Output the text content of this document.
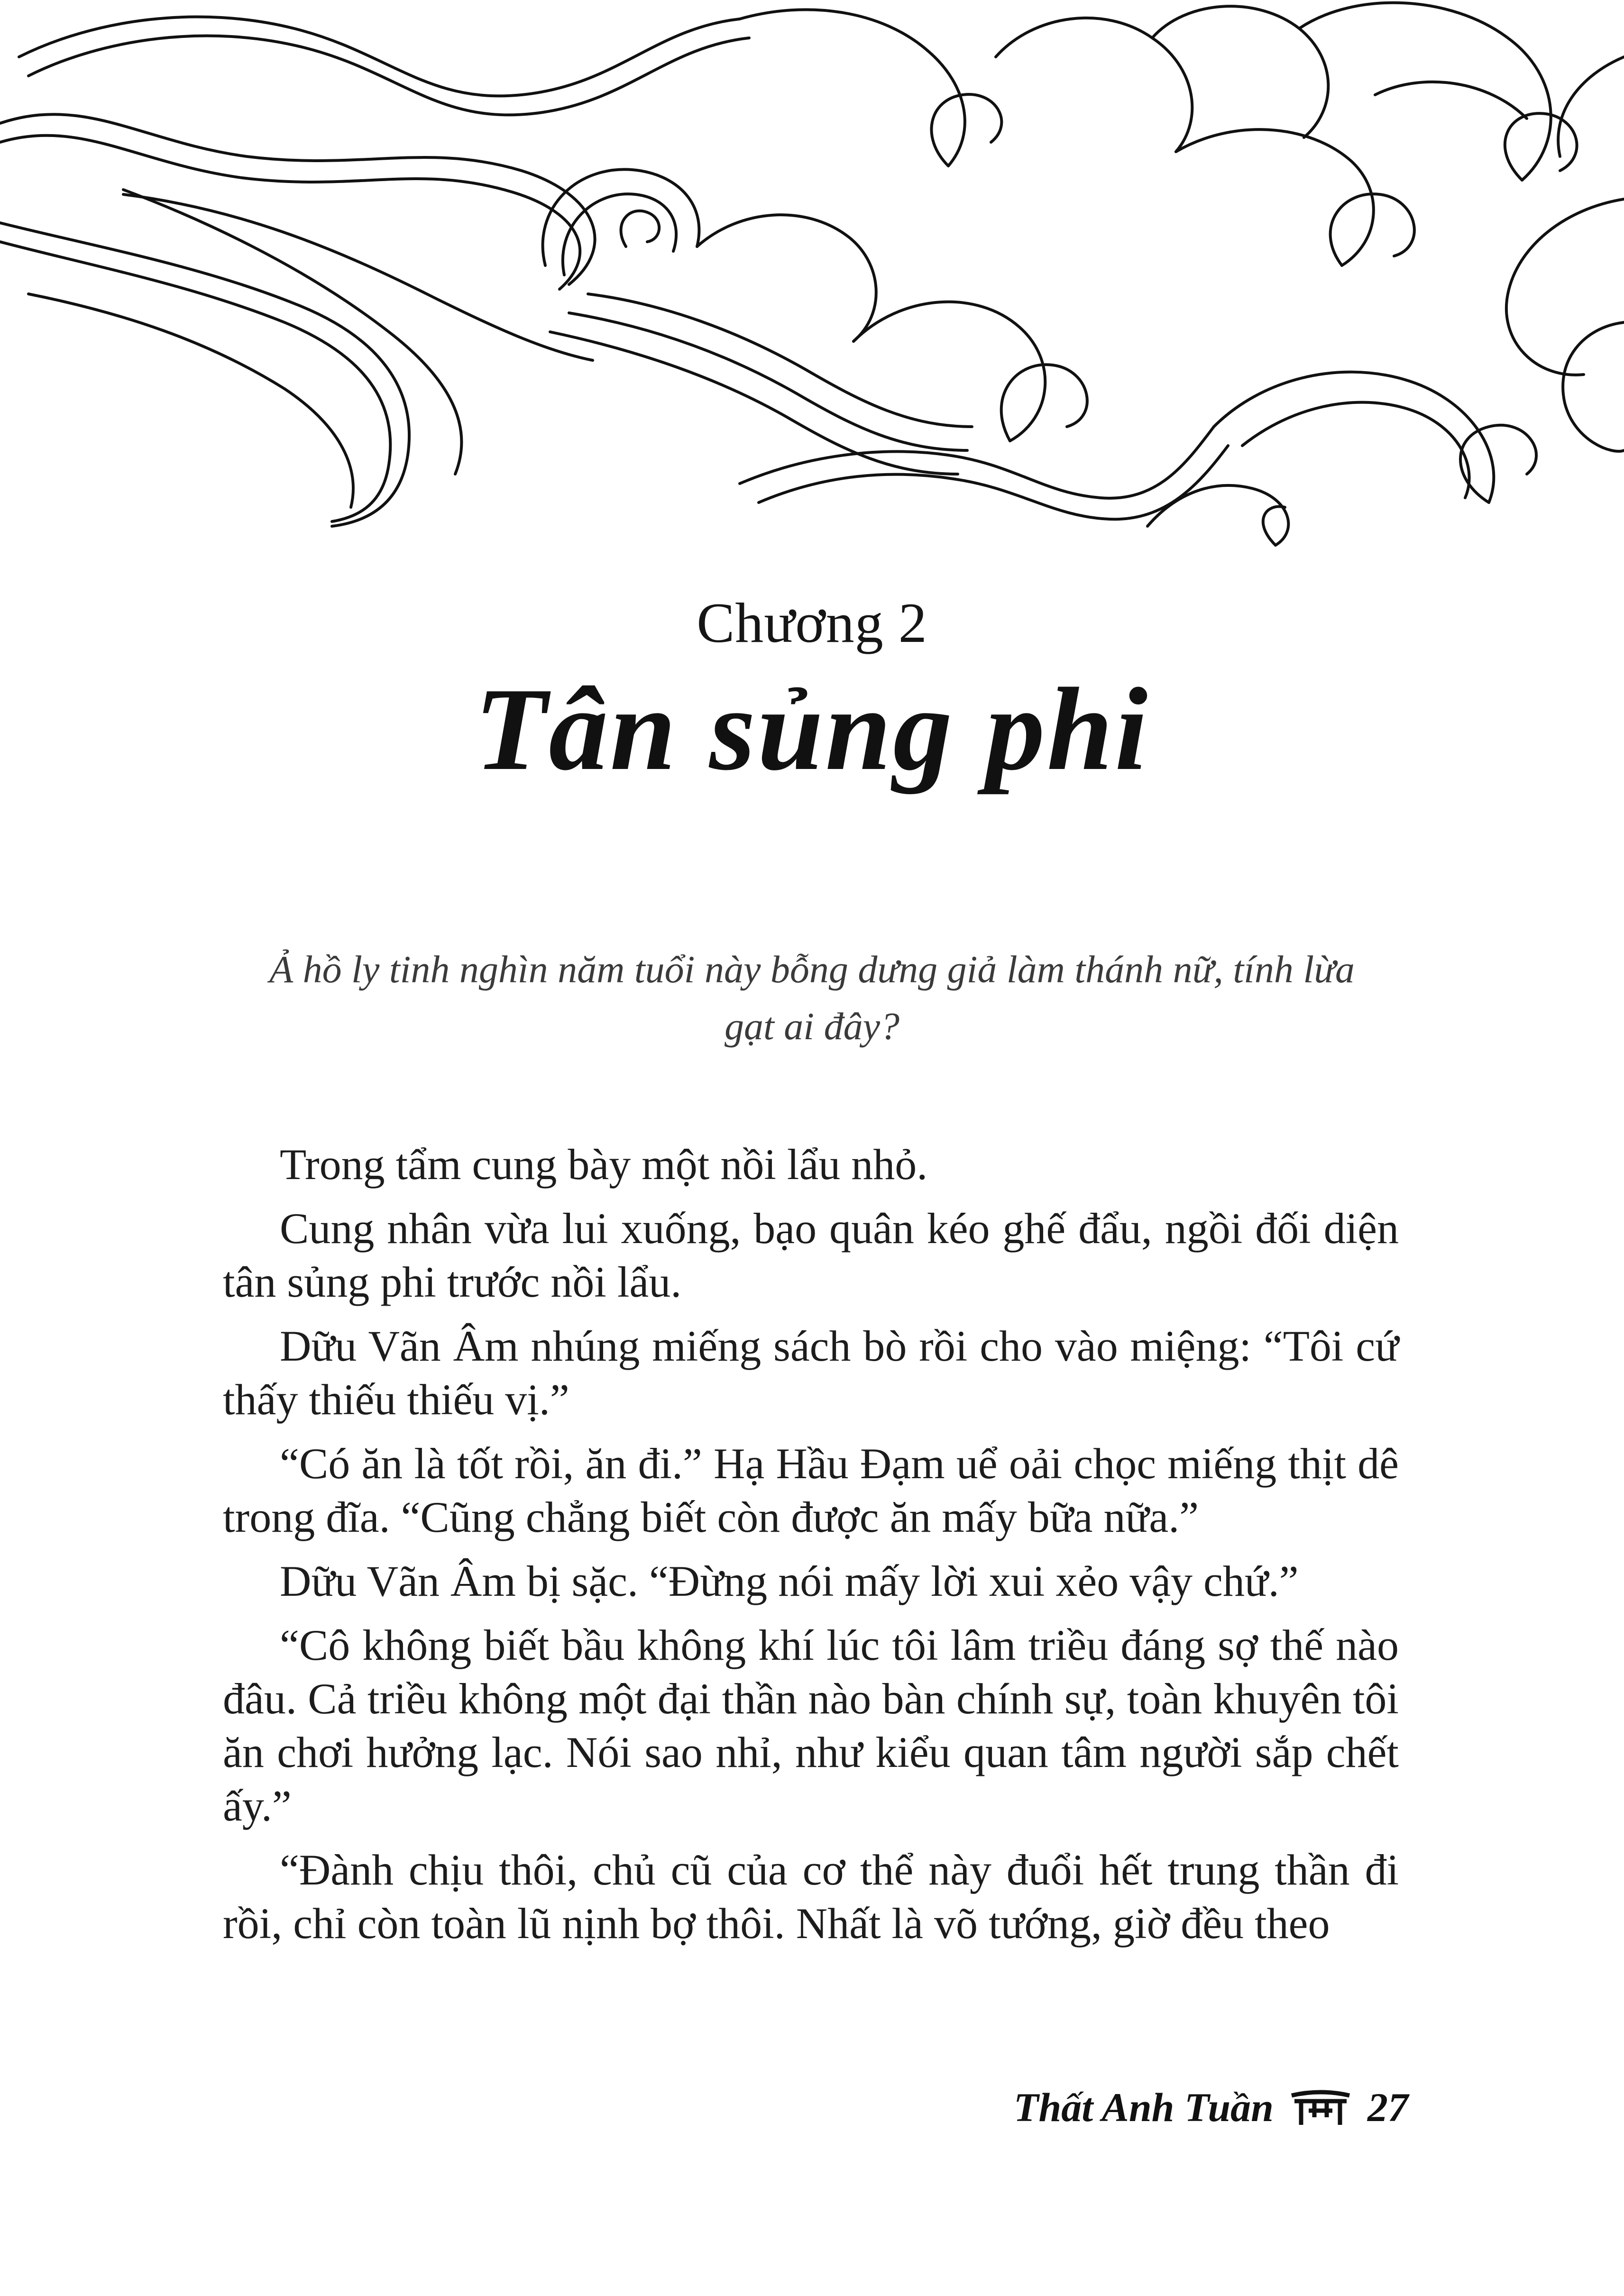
Chương 2
Tân sủng phi
Ả hồ ly tinh nghìn năm tuổi này bỗng dưng giả làm thánh nữ, tính lừa gạt ai đây?

Trong tẩm cung bày một nồi lẩu nhỏ.

Cung nhân vừa lui xuống, bạo quân kéo ghế đẩu, ngồi đối diện tân sủng phi trước nồi lẩu.

Dữu Vãn Âm nhúng miếng sách bò rồi cho vào miệng: “Tôi cứ thấy thiếu thiếu vị.”

“Có ăn là tốt rồi, ăn đi.” Hạ Hầu Đạm uể oải chọc miếng thịt dê trong đĩa. “Cũng chẳng biết còn được ăn mấy bữa nữa.”

Dữu Vãn Âm bị sặc. “Đừng nói mấy lời xui xẻo vậy chứ.”

“Cô không biết bầu không khí lúc tôi lâm triều đáng sợ thế nào đâu. Cả triều không một đại thần nào bàn chính sự, toàn khuyên tôi ăn chơi hưởng lạc. Nói sao nhỉ, như kiểu quan tâm người sắp chết ấy.”

“Đành chịu thôi, chủ cũ của cơ thể này đuổi hết trung thần đi rồi, chỉ còn toàn lũ nịnh bợ thôi. Nhất là võ tướng, giờ đều theo

Thất Anh Tuần 27
